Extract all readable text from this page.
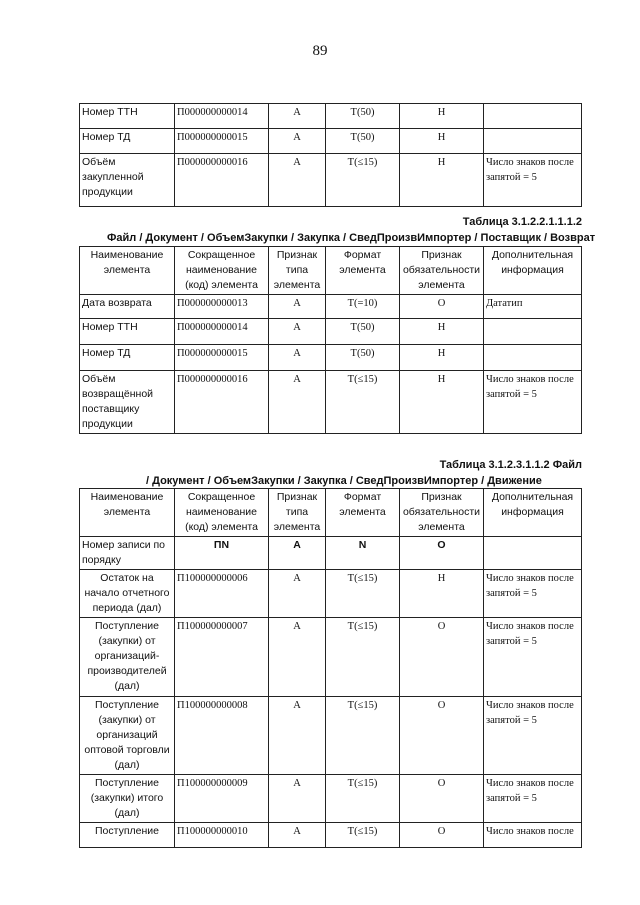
89
Номер ТТН	П000000000014	А	Т(50)	Н	
Номер ТД	П000000000015	А	Т(50)	Н	
Объём закупленной продукции	П000000000016	А	Т(≤15)	Н	Число знаков после запятой = 5
Таблица 3.1.2.2.1.1.1.2
Файл / Документ / ОбъемЗакупки / Закупка / СведПроизвИмпортер / Поставщик / Возврат
Наименование элемента	Сокращенное наименование (код) элемента	Признак типа элемента	Формат элемента	Признак обязательности элемента	Дополнительная информация
Дата возврата	П000000000013	А	Т(=10)	О	Дататип
Номер ТТН	П000000000014	А	Т(50)	Н	
Номер ТД	П000000000015	А	Т(50)	Н	
Объём возвращённой поставщику продукции	П000000000016	А	Т(≤15)	Н	Число знаков после запятой = 5
Таблица 3.1.2.3.1.1.2 Файл
/ Документ / ОбъемЗакупки / Закупка / СведПроизвИмпортер / Движение
Наименование элемента	Сокращенное наименование (код) элемента	Признак типа элемента	Формат элемента	Признак обязательности элемента	Дополнительная информация
Номер записи по порядку	ПN	А	N	О	
Остаток на начало отчетного периода (дал)	П100000000006	А	Т(≤15)	Н	Число знаков после запятой = 5
Поступление (закупки) от организаций-производителей (дал)	П100000000007	А	Т(≤15)	О	Число знаков после запятой = 5
Поступление (закупки) от организаций оптовой торговли (дал)	П100000000008	А	Т(≤15)	О	Число знаков после запятой = 5
Поступление (закупки) итого (дал)	П100000000009	А	Т(≤15)	О	Число знаков после запятой = 5
Поступление	П100000000010	А	Т(≤15)	О	Число знаков после
